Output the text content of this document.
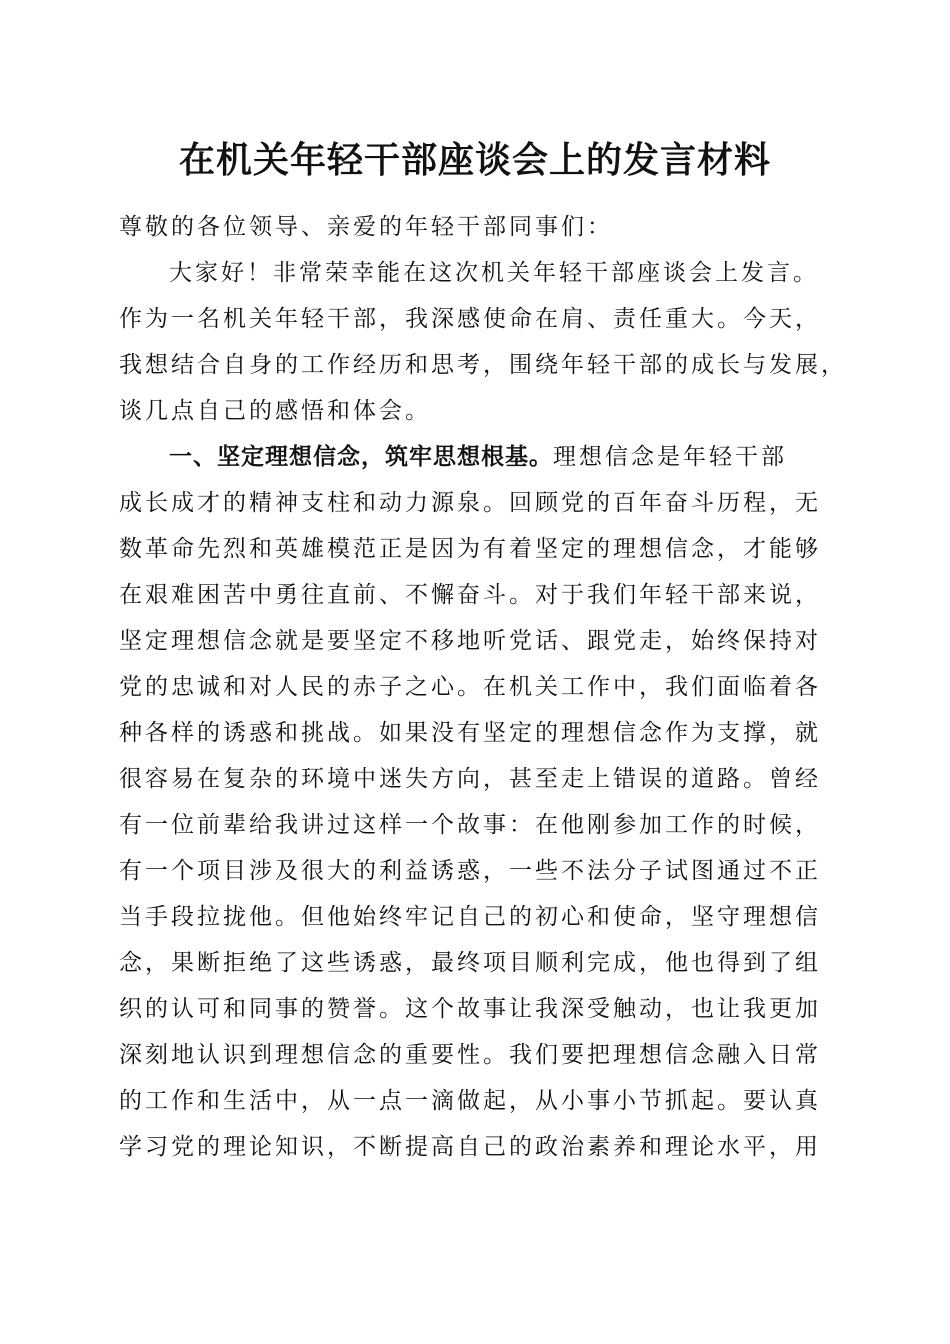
在机关年轻干部座谈会上的发言材料

尊敬的各位领导、亲爱的年轻干部同事们：

大家好！非常荣幸能在这次机关年轻干部座谈会上发言。

作为一名机关年轻干部，我深感使命在肩、责任重大。今天，

我想结合自身的工作经历和思考，围绕年轻干部的成长与发展，

谈几点自己的感悟和体会。

一、坚定理想信念，筑牢思想根基。理想信念是年轻干部

成长成才的精神支柱和动力源泉。回顾党的百年奋斗历程，无

数革命先烈和英雄模范正是因为有着坚定的理想信念，才能够

在艰难困苦中勇往直前、不懈奋斗。对于我们年轻干部来说，

坚定理想信念就是要坚定不移地听党话、跟党走，始终保持对

党的忠诚和对人民的赤子之心。在机关工作中，我们面临着各

种各样的诱惑和挑战。如果没有坚定的理想信念作为支撑，就

很容易在复杂的环境中迷失方向，甚至走上错误的道路。曾经

有一位前辈给我讲过这样一个故事：在他刚参加工作的时候，

有一个项目涉及很大的利益诱惑，一些不法分子试图通过不正

当手段拉拢他。但他始终牢记自己的初心和使命，坚守理想信

念，果断拒绝了这些诱惑，最终项目顺利完成，他也得到了组

织的认可和同事的赞誉。这个故事让我深受触动，也让我更加

深刻地认识到理想信念的重要性。我们要把理想信念融入日常

的工作和生活中，从一点一滴做起，从小事小节抓起。要认真

学习党的理论知识，不断提高自己的政治素养和理论水平，用
